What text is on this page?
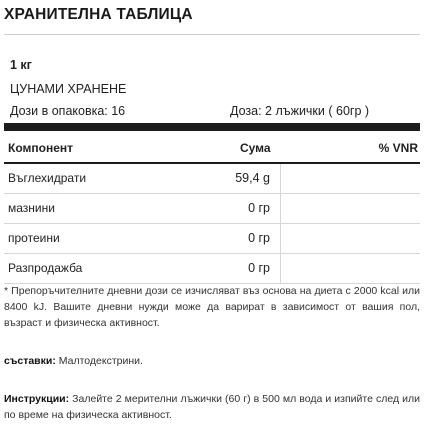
ХРАНИТЕЛНА ТАБЛИЦА
1 кг
ЦУНАМИ ХРАНЕНЕ
Дози в опаковка: 16	Доза: 2 лъжички ( 60гр )
Компонент	Сума	% VNR
Въглехидрати	59,4 g
мазнини	0 гр
протеини	0 гр
Разпродажба	0 гр
* Препоръчителните дневни дози се изчисляват въз основа на диета с 2000 kcal или 8400 kJ. Вашите дневни нужди може да варират в зависимост от вашия пол, възраст и физическа активност.
съставки: Малтодекстрини.
Инструкции: Залейте 2 мерителни лъжички (60 г) в 500 мл вода и изпийте след или по време на физическа активност.
